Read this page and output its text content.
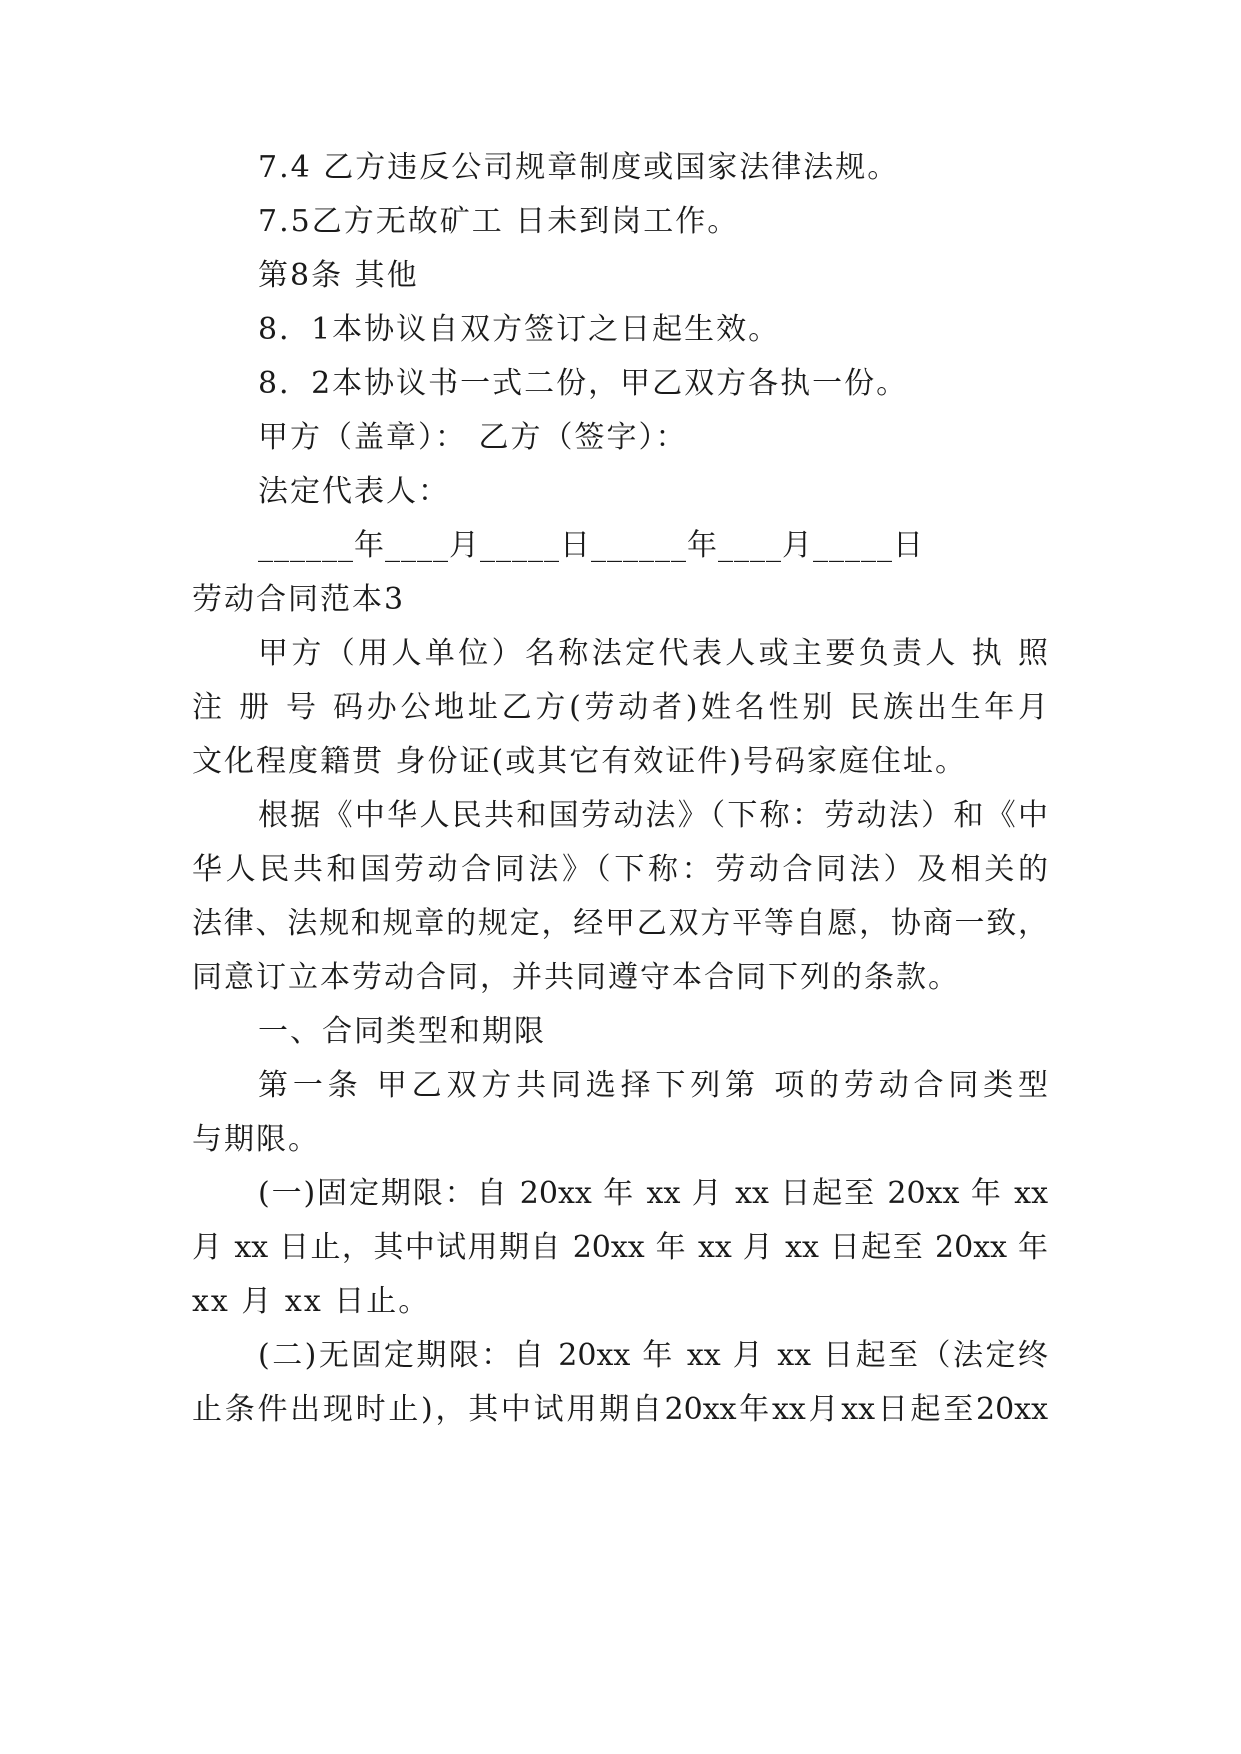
7.4 乙方违反公司规章制度或国家法律法规。
7.5乙方无故矿工 日未到岗工作。
第8条 其他
8．1本协议自双方签订之日起生效。
8．2本协议书一式二份，甲乙双方各执一份。
甲方（盖章）： 乙方（签字）：
法定代表人：
______年____月_____日______年____月_____日
劳动合同范本3
甲方（用人单位）名称法定代表人或主要负责人 执 照
注 册 号 码办公地址乙方(劳动者)姓名性别 民族出生年月
文化程度籍贯 身份证(或其它有效证件)号码家庭住址。
根据《中华人民共和国劳动法》（下称：劳动法）和《中
华人民共和国劳动合同法》（下称：劳动合同法）及相关的
法律、法规和规章的规定，经甲乙双方平等自愿，协商一致，
同意订立本劳动合同，并共同遵守本合同下列的条款。
一、合同类型和期限
第一条 甲乙双方共同选择下列第 项的劳动合同类型
与期限。
(一)固定期限：自 20xx 年 xx 月 xx 日起至 20xx 年 xx
月 xx 日止，其中试用期自 20xx 年 xx 月 xx 日起至 20xx 年
xx 月 xx 日止。
(二)无固定期限：自 20xx 年 xx 月 xx 日起至（法定终
止条件出现时止)，其中试用期自20xx年xx月xx日起至20xx
